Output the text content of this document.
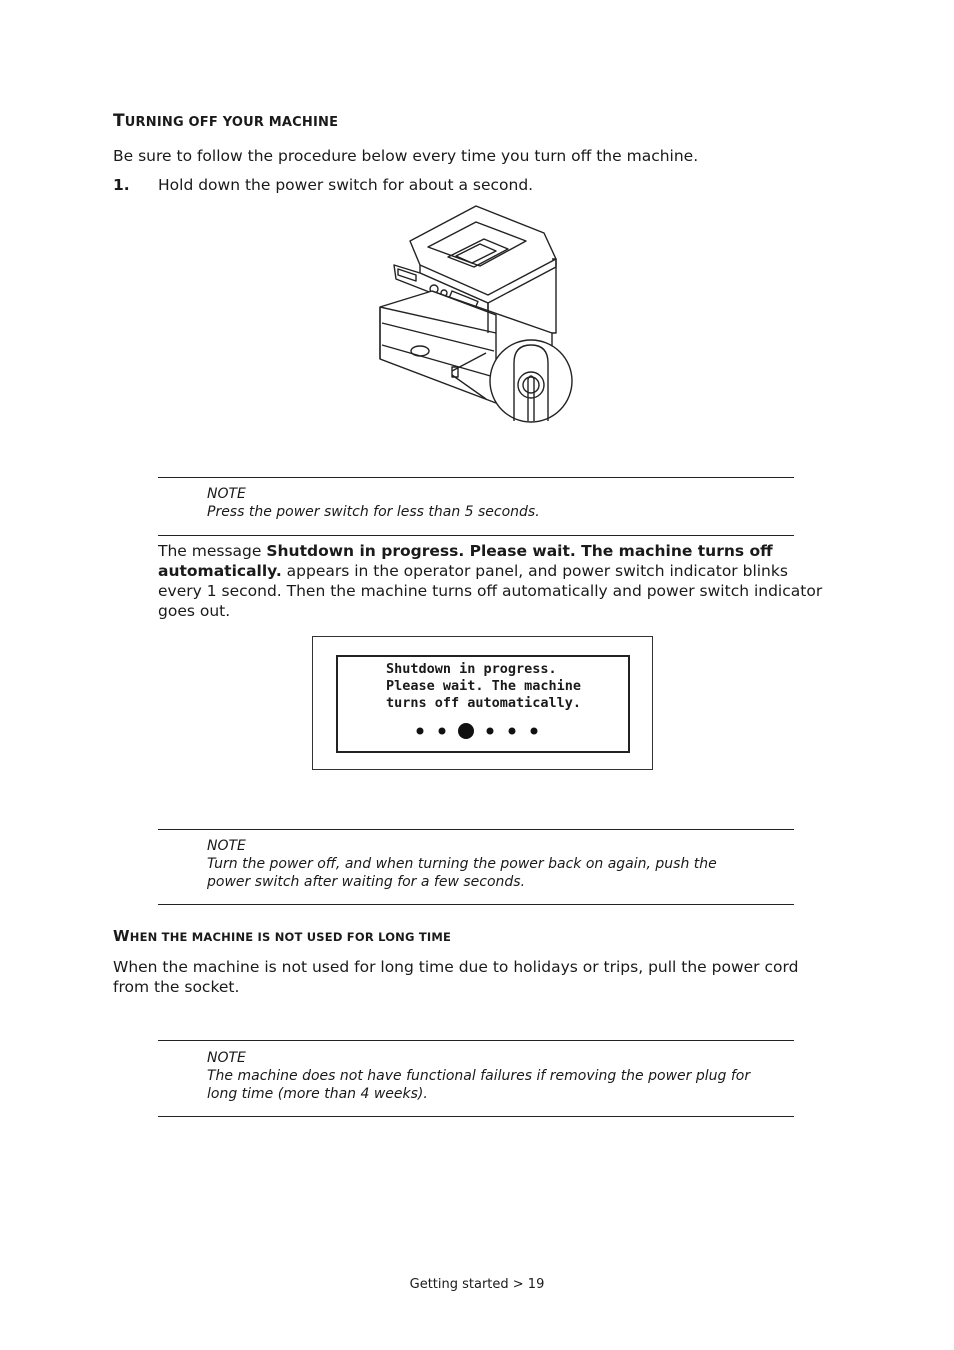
TURNING OFF YOUR MACHINE
Be sure to follow the procedure below every time you turn off the machine.
1. Hold down the power switch for about a second.
NOTE
Press the power switch for less than 5 seconds.
The message Shutdown in progress. Please wait. The machine turns off
automatically. appears in the operator panel, and power switch indicator blinks
every 1 second. Then the machine turns off automatically and power switch indicator
goes out.
Shutdown in progress.
Please wait. The machine
turns off automatically.
NOTE
Turn the power off, and when turning the power back on again, push the
power switch after waiting for a few seconds.
WHEN THE MACHINE IS NOT USED FOR LONG TIME
When the machine is not used for long time due to holidays or trips, pull the power cord
from the socket.
NOTE
The machine does not have functional failures if removing the power plug for
long time (more than 4 weeks).
Getting started > 19
